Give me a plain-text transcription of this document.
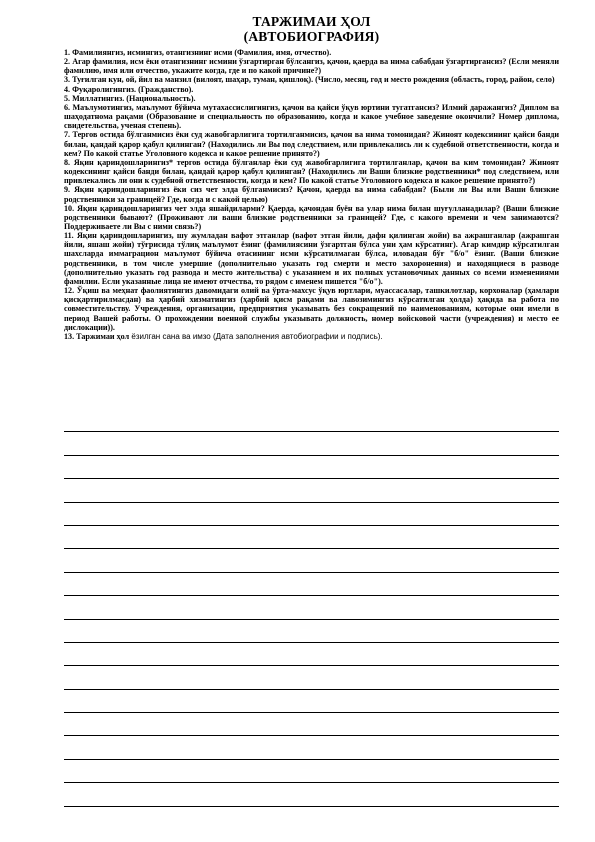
ТАРЖИМАИ ҲОЛ
(АВТОБИОГРАФИЯ)

1. Фамилиянгиз, исмингиз, отангизнинг исми (Фамилия, имя, отчество).

2. Агар фамилия, исм ёки отангизнинг исмини ўзгартирган бўлсангиз, қачон, қаерда ва нима сабабдан ўзгартиргансиз? (Если меняли фамилию, имя или отчество, укажите когда, где и по какой причине?)

3. Туғилган кун, ой, йил ва манзил (вилоят, шаҳар, туман, қишлоқ). (Число, месяц, год и место рождения (область, город, район, село)

4. Фуқаролигингиз. (Гражданство).

5. Миллатингиз. (Национальность).

6. Маълумотингиз, маълумот бўйича мутахассислигингиз, қачон ва қайси ўқув юртини тугатгансиз? Илмий даражангиз? Диплом ва шаҳодатнома рақами (Образование и специальность по образованию, когда и какое учебное заведение окончили? Номер диплома, свидетельства, ученая степень).

7. Тергов остида бўлганмисиз ёки суд жавобгарлигига тортилганмисиз, қачон ва нима томонидан? Жиноят кодексининг қайси банди билан, қандай қарор қабул қилинган? (Находились ли Вы под следствием, или привлекались ли к судебной ответственности, когда и кем? По какой статье Уголовного кодекса и какое решение принято?)

8. Яқин қариндошларингиз* тергов остида бўлганлар ёки суд жавобгарлигига тортилганлар, қачон ва ким томонидан? Жиноят кодексининг қайси банди билан, қандай қарор қабул қилинган? (Находились ли Ваши близкие родственники* под следствием, или привлекались ли они к судебной ответственности, когда и кем? По какой статье Уголовного кодекса и какое решение принято?)

9. Яқин қариндошларингиз ёки сиз чет элда бўлганмисиз? Қачон, қаерда ва нима сабабдан? (Были ли Вы или Ваши близкие родственники за границей? Где, когда и с какой целью)

10. Яқин қариндошларингиз чет элда яшайдиларми? Қаерда, қачондан буён ва улар нима билан шуғулланадилар? (Ваши близкие родственники бывают? (Проживают ли ваши близкие родственники за границей? Где, с какого времени и чем занимаются? Поддерживаете ли Вы с ними связь?)

11. Яқин қариндошларингиз, шу жумладан вафот этганлар (вафот этган йили, дафн қилинган жойи) ва ажрашганлар (ажрашган йили, яшаш жойи) тўғрисида тўлиқ маълумот ёзинг (фамилиясини ўзгартган бўлса уни ҳам кўрсатинг). Агар кимдир кўрсатилган шахсларда иммаграцион маълумот бўйича отасининг исми кўрсатилмаган бўлса, иловадан бўғ "б/о" ёзинг. (Ваши близкие родственники, в том числе умершие (дополнительно указать год смерти и место захоронения) и находящиеся в разводе (дополнительно указать год развода и место жительства) с указанием и их полных установочных данных со всеми изменениями фамилии. Если указанные лица не имеют отчества, то рядом с именем пишется "б/о").

12. Ўқиш ва меҳнат фаолиятингиз давомидаги олий ва ўрта-махсус ўқув юртлари, муассасалар, ташкилотлар, корхоналар (ҳамлари қисқартирилмасдан) ва ҳарбий хизматингиз (ҳарбий қисм рақами ва лавозимингиз кўрсатилган ҳолда) ҳақида ва работа по совместительству. Учреждения, организации, предприятия указывать без сокращений по наименованиям, которые они имели в период Вашей работы. О прохождении военной службы указывать должность, номер войсковой части (учреждения) и место ее дислокации)).

13. Таржимаи ҳол ёзилган сана ва имзо (Дата заполнения автобиографии и подпись).
